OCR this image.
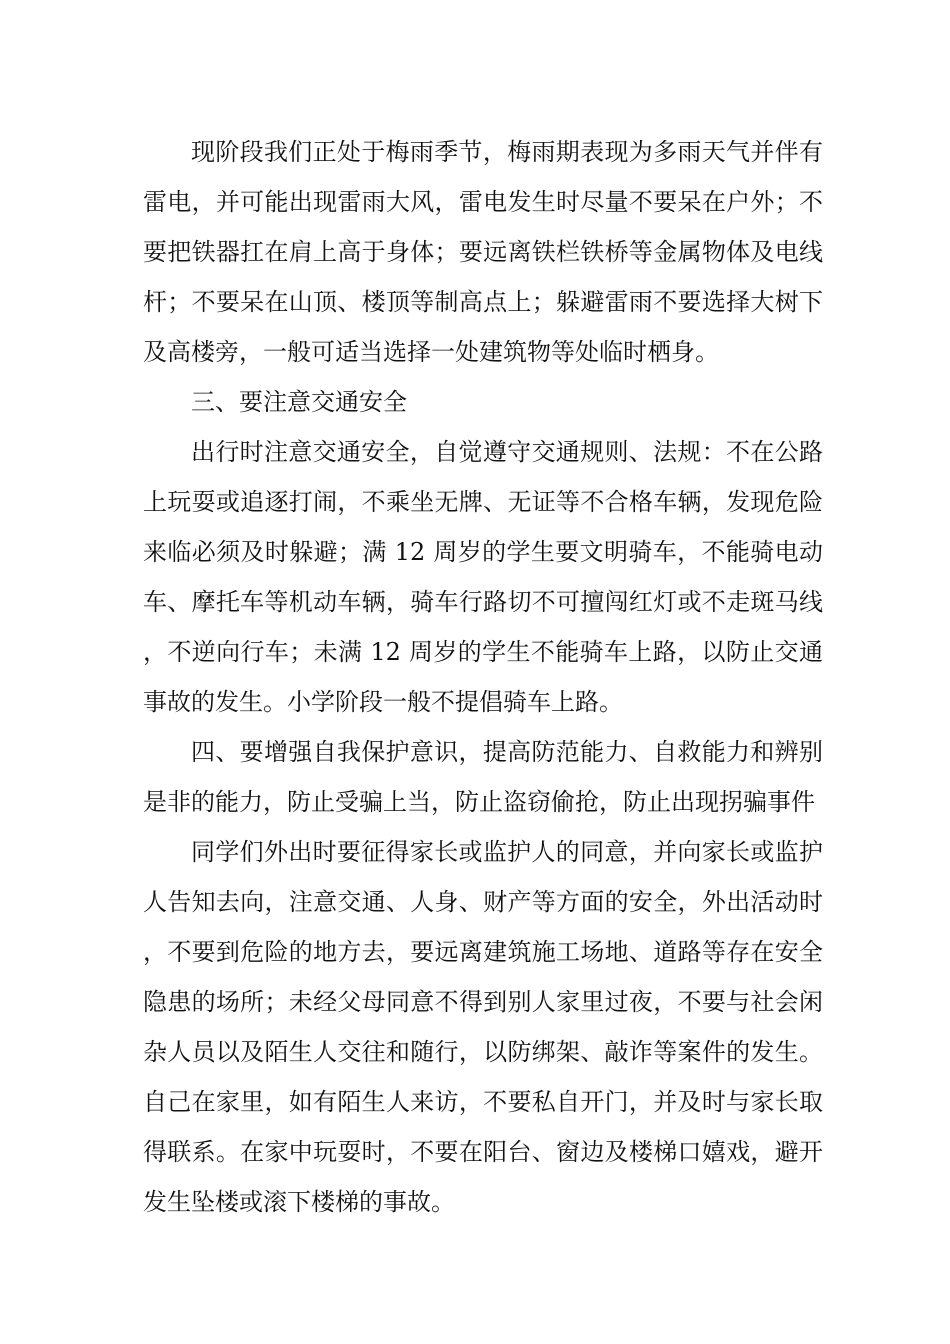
现阶段我们正处于梅雨季节，梅雨期表现为多雨天气并伴有雷电，并可能出现雷雨大风，雷电发生时尽量不要呆在户外；不要把铁器扛在肩上高于身体；要远离铁栏铁桥等金属物体及电线杆；不要呆在山顶、楼顶等制高点上；躲避雷雨不要选择大树下及高楼旁，一般可适当选择一处建筑物等处临时栖身。

三、要注意交通安全

出行时注意交通安全，自觉遵守交通规则、法规：不在公路上玩耍或追逐打闹，不乘坐无牌、无证等不合格车辆，发现危险来临必须及时躲避；满 12 周岁的学生要文明骑车，不能骑电动车、摩托车等机动车辆，骑车行路切不可擅闯红灯或不走斑马线，不逆向行车；未满 12 周岁的学生不能骑车上路，以防止交通事故的发生。小学阶段一般不提倡骑车上路。

四、要增强自我保护意识，提高防范能力、自救能力和辨别是非的能力，防止受骗上当，防止盗窃偷抢，防止出现拐骗事件

同学们外出时要征得家长或监护人的同意，并向家长或监护人告知去向，注意交通、人身、财产等方面的安全，外出活动时，不要到危险的地方去，要远离建筑施工场地、道路等存在安全隐患的场所；未经父母同意不得到别人家里过夜，不要与社会闲杂人员以及陌生人交往和随行，以防绑架、敲诈等案件的发生。自己在家里，如有陌生人来访，不要私自开门，并及时与家长取得联系。在家中玩耍时，不要在阳台、窗边及楼梯口嬉戏，避开发生坠楼或滚下楼梯的事故。
